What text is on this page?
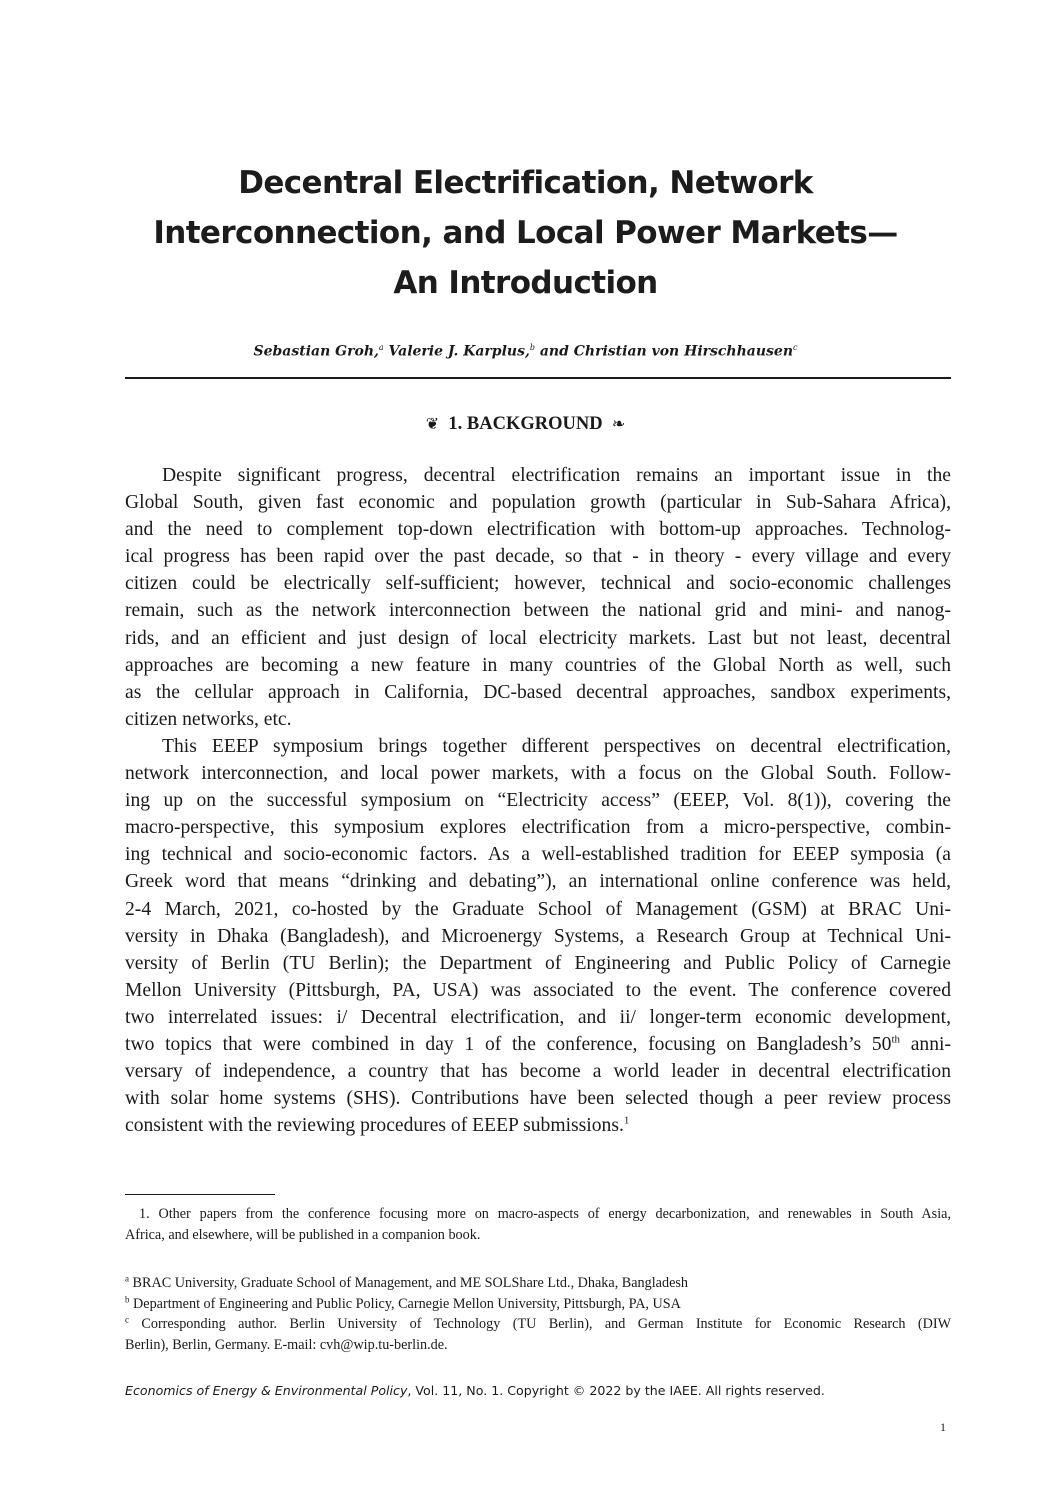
Decentral Electrification, Network
Interconnection, and Local Power Markets—
An Introduction
Sebastian Groh,$^a$ Valerie J. Karplus,$^b$ and Christian von Hirschhausen$^c$
❦ 1. BACKGROUND ❧
Despite significant progress, decentral electrification remains an important issue in the
Global South, given fast economic and population growth (particular in Sub-Sahara Africa),
and the need to complement top-down electrification with bottom-up approaches. Technolog-
ical progress has been rapid over the past decade, so that - in theory - every village and every
citizen could be electrically self-sufficient; however, technical and socio-economic challenges
remain, such as the network interconnection between the national grid and mini- and nanog-
rids, and an efficient and just design of local electricity markets. Last but not least, decentral
approaches are becoming a new feature in many countries of the Global North as well, such
as the cellular approach in California, DC-based decentral approaches, sandbox experiments,
citizen networks, etc.
This EEEP symposium brings together different perspectives on decentral electrification,
network interconnection, and local power markets, with a focus on the Global South. Follow-
ing up on the successful symposium on “Electricity access” (EEEP, Vol. 8(1)), covering the
macro-perspective, this symposium explores electrification from a micro-perspective, combin-
ing technical and socio-economic factors. As a well-established tradition for EEEP symposia (a
Greek word that means “drinking and debating”), an international online conference was held,
2-4 March, 2021, co-hosted by the Graduate School of Management (GSM) at BRAC Uni-
versity in Dhaka (Bangladesh), and Microenergy Systems, a Research Group at Technical Uni-
versity of Berlin (TU Berlin); the Department of Engineering and Public Policy of Carnegie
Mellon University (Pittsburgh, PA, USA) was associated to the event. The conference covered
two interrelated issues: i/ Decentral electrification, and ii/ longer-term economic development,
two topics that were combined in day 1 of the conference, focusing on Bangladesh’s 50th anni-
versary of independence, a country that has become a world leader in decentral electrification
with solar home systems (SHS). Contributions have been selected though a peer review process
consistent with the reviewing procedures of EEEP submissions.$^1$
1. Other papers from the conference focusing more on macro-aspects of energy decarbonization, and renewables in South Asia,
Africa, and elsewhere, will be published in a companion book.
$^a$ BRAC University, Graduate School of Management, and ME SOLShare Ltd., Dhaka, Bangladesh
$^b$ Department of Engineering and Public Policy, Carnegie Mellon University, Pittsburgh, PA, USA
$^c$ Corresponding author. Berlin University of Technology (TU Berlin), and German Institute for Economic Research (DIW
Berlin), Berlin, Germany. E-mail: cvh@wip.tu-berlin.de.
Economics of Energy & Environmental Policy, Vol. 11, No. 1. Copyright © 2022 by the IAEE. All rights reserved.
1
